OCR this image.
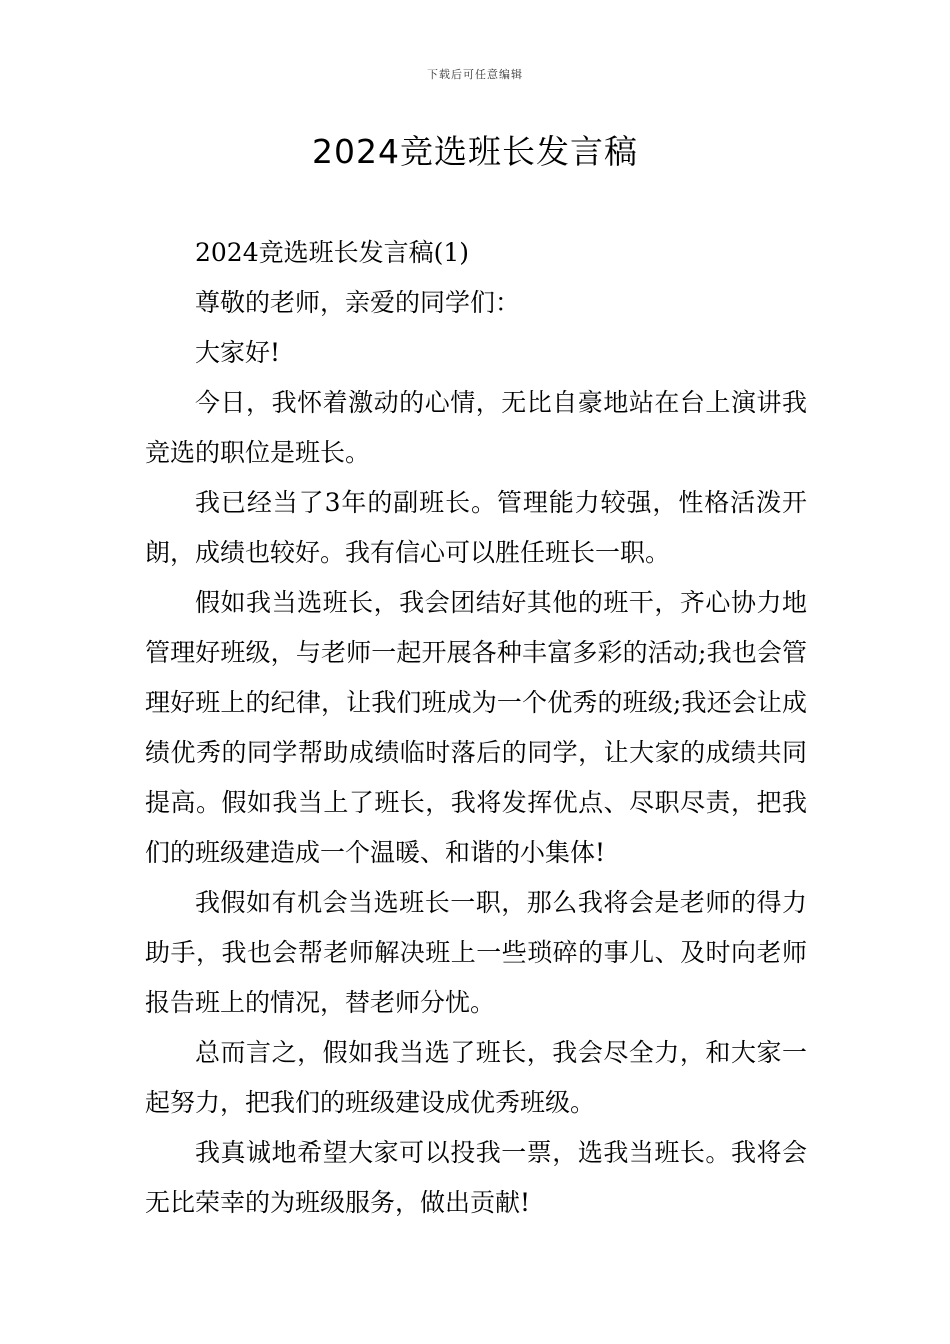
下载后可任意编辑
2024竞选班长发言稿

2024竞选班长发言稿(1)

尊敬的老师，亲爱的同学们：

大家好!

今日，我怀着激动的心情，无比自豪地站在台上演讲我竞选的职位是班长。

我已经当了3年的副班长。管理能力较强，性格活泼开朗，成绩也较好。我有信心可以胜任班长一职。

假如我当选班长，我会团结好其他的班干，齐心协力地管理好班级，与老师一起开展各种丰富多彩的活动;我也会管理好班上的纪律，让我们班成为一个优秀的班级;我还会让成绩优秀的同学帮助成绩临时落后的同学，让大家的成绩共同提高。假如我当上了班长，我将发挥优点、尽职尽责，把我们的班级建造成一个温暖、和谐的小集体!

我假如有机会当选班长一职，那么我将会是老师的得力助手，我也会帮老师解决班上一些琐碎的事儿、及时向老师报告班上的情况，替老师分忧。

总而言之，假如我当选了班长，我会尽全力，和大家一起努力，把我们的班级建设成优秀班级。

我真诚地希望大家可以投我一票，选我当班长。我将会无比荣幸的为班级服务，做出贡献!
